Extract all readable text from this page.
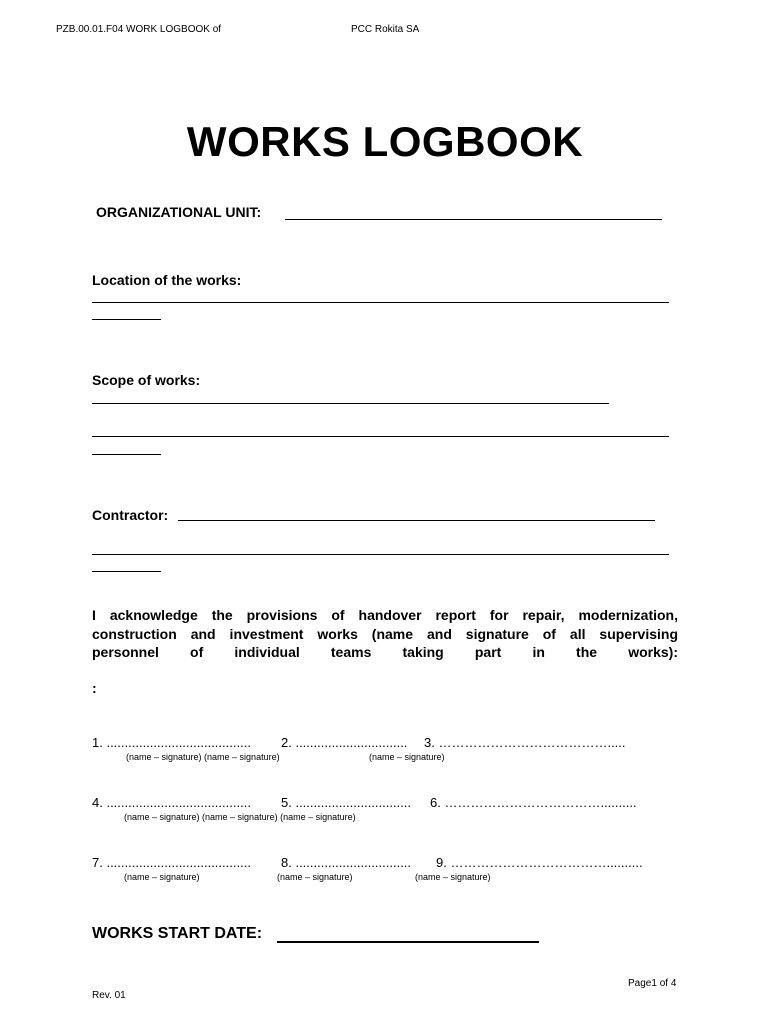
PZB.00.01.F04 WORK LOGBOOK of	PCC Rokita SA
WORKS LOGBOOK
ORGANIZATIONAL UNIT:
Location of the works:
Scope of works:
Contractor:
I acknowledge the provisions of handover report for repair, modernization,
construction and investment works (name and signature of all supervising
personnel of individual teams taking part in the works):
:
1. ........................................ 2. ............................... 3. ………………………………….....
(name – signature) (name – signature)	(name – signature)
4. ........................................ 5. ................................ 6. ………………………………..........
(name – signature) (name – signature) (name – signature)
7. ........................................ 8. ................................ 9. ………………………………..........
(name – signature)	(name – signature)	(name – signature)
WORKS START DATE:
Page1 of 4
Rev. 01
